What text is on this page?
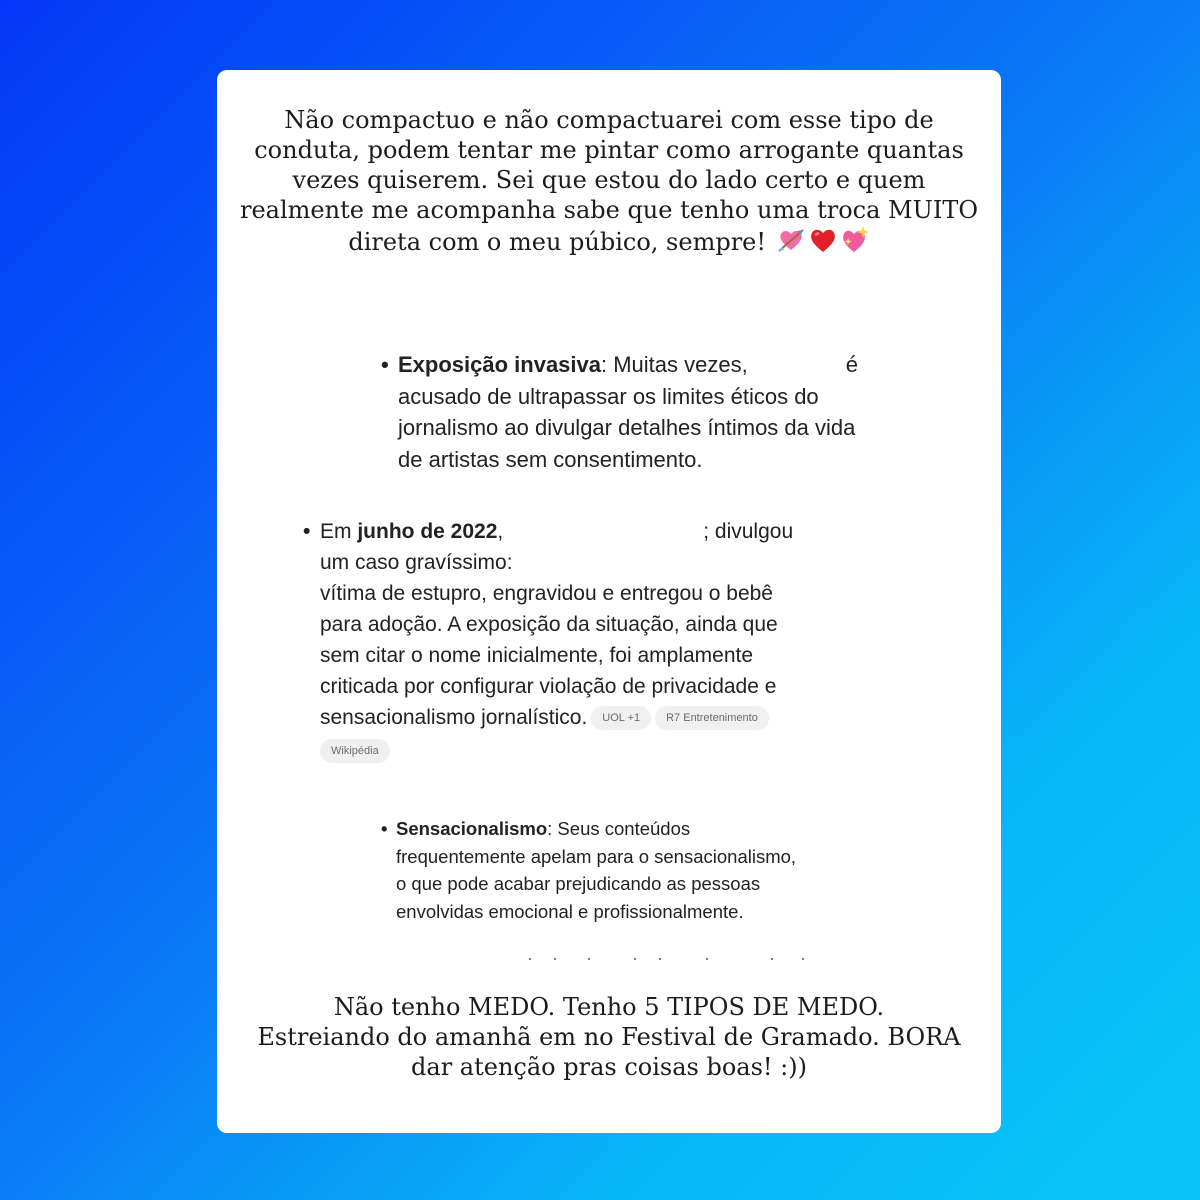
Não compactuo e não compactuarei com esse tipo de
conduta, podem tentar me pintar como arrogante quantas
vezes quiserem. Sei que estou do lado certo e quem
realmente me acompanha sabe que tenho uma troca MUITO
direta com o meu púbico, sempre!
• Exposição invasiva: Muitas vezes,	é
acusado de ultrapassar os limites éticos do
jornalismo ao divulgar detalhes íntimos da vida
de artistas sem consentimento.
• Em junho de 2022,	; divulgou
um caso gravíssimo:
vítima de estupro, engravidou e entregou o bebê
para adoção. A exposição da situação, ainda que
sem citar o nome inicialmente, foi amplamente
criticada por configurar violação de privacidade e
sensacionalismo jornalístico. UOL +1 R7 Entretenimento
Wikipédia
• Sensacionalismo: Seus conteúdos
frequentemente apelam para o sensacionalismo,
o que pode acabar prejudicando as pessoas
envolvidas emocional e profissionalmente.
Não tenho MEDO. Tenho 5 TIPOS DE MEDO.
Estreiando do amanhã em no Festival de Gramado. BORA
dar atenção pras coisas boas! :))
